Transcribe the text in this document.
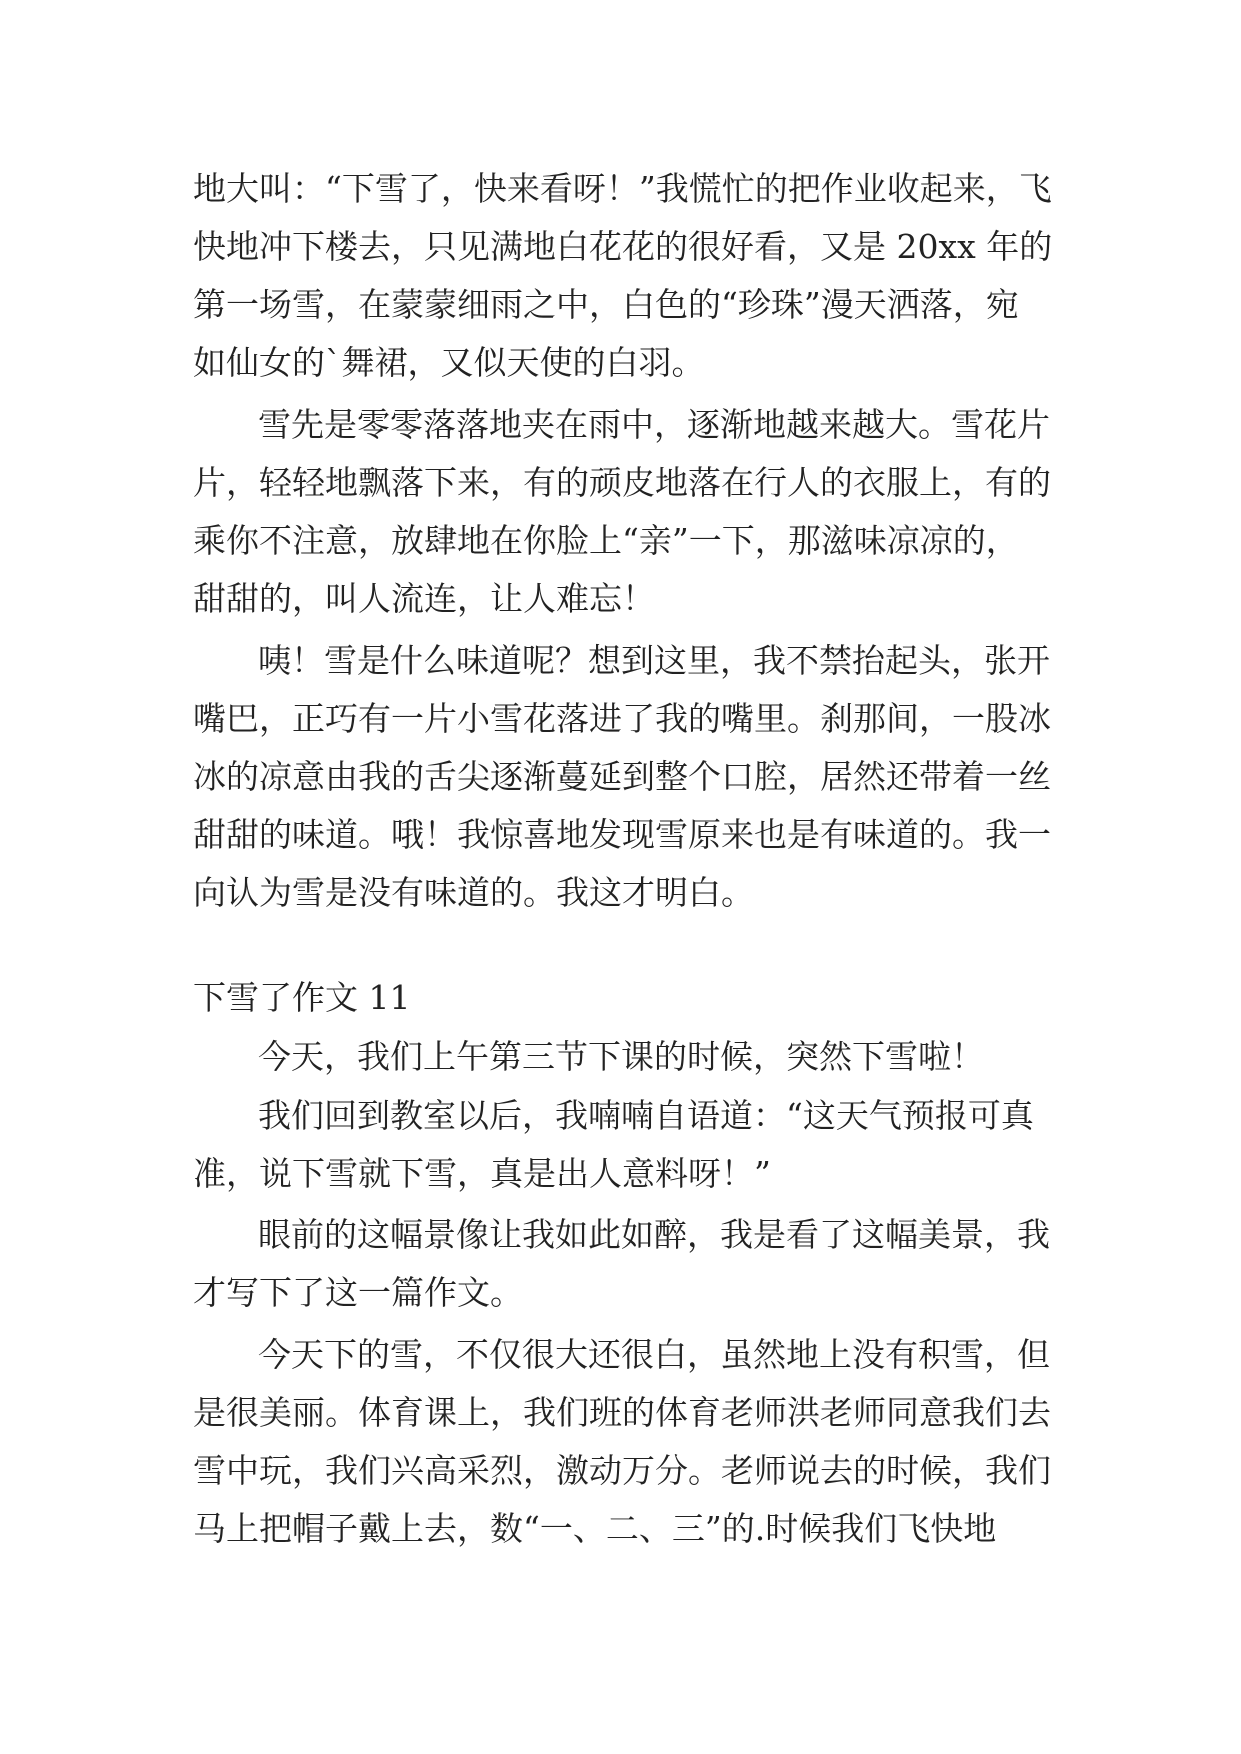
地大叫：“下雪了，快来看呀！”我慌忙的把作业收起来，飞
快地冲下楼去，只见满地白花花的很好看，又是 20xx 年的
第一场雪，在蒙蒙细雨之中，白色的“珍珠”漫天洒落，宛
如仙女的`舞裙，又似天使的白羽。
雪先是零零落落地夹在雨中，逐渐地越来越大。雪花片
片，轻轻地飘落下来，有的顽皮地落在行人的衣服上，有的
乘你不注意，放肆地在你脸上“亲”一下，那滋味凉凉的，
甜甜的，叫人流连，让人难忘！
咦！雪是什么味道呢？想到这里，我不禁抬起头，张开
嘴巴，正巧有一片小雪花落进了我的嘴里。刹那间，一股冰
冰的凉意由我的舌尖逐渐蔓延到整个口腔，居然还带着一丝
甜甜的味道。哦！我惊喜地发现雪原来也是有味道的。我一
向认为雪是没有味道的。我这才明白。
下雪了作文 11
今天，我们上午第三节下课的时候，突然下雪啦！
我们回到教室以后，我喃喃自语道：“这天气预报可真
准，说下雪就下雪，真是出人意料呀！”
眼前的这幅景像让我如此如醉，我是看了这幅美景，我
才写下了这一篇作文。
今天下的雪，不仅很大还很白，虽然地上没有积雪，但
是很美丽。体育课上，我们班的体育老师洪老师同意我们去
雪中玩，我们兴高采烈，激动万分。老师说去的时候，我们
马上把帽子戴上去，数“一、二、三”的.时候我们飞快地
